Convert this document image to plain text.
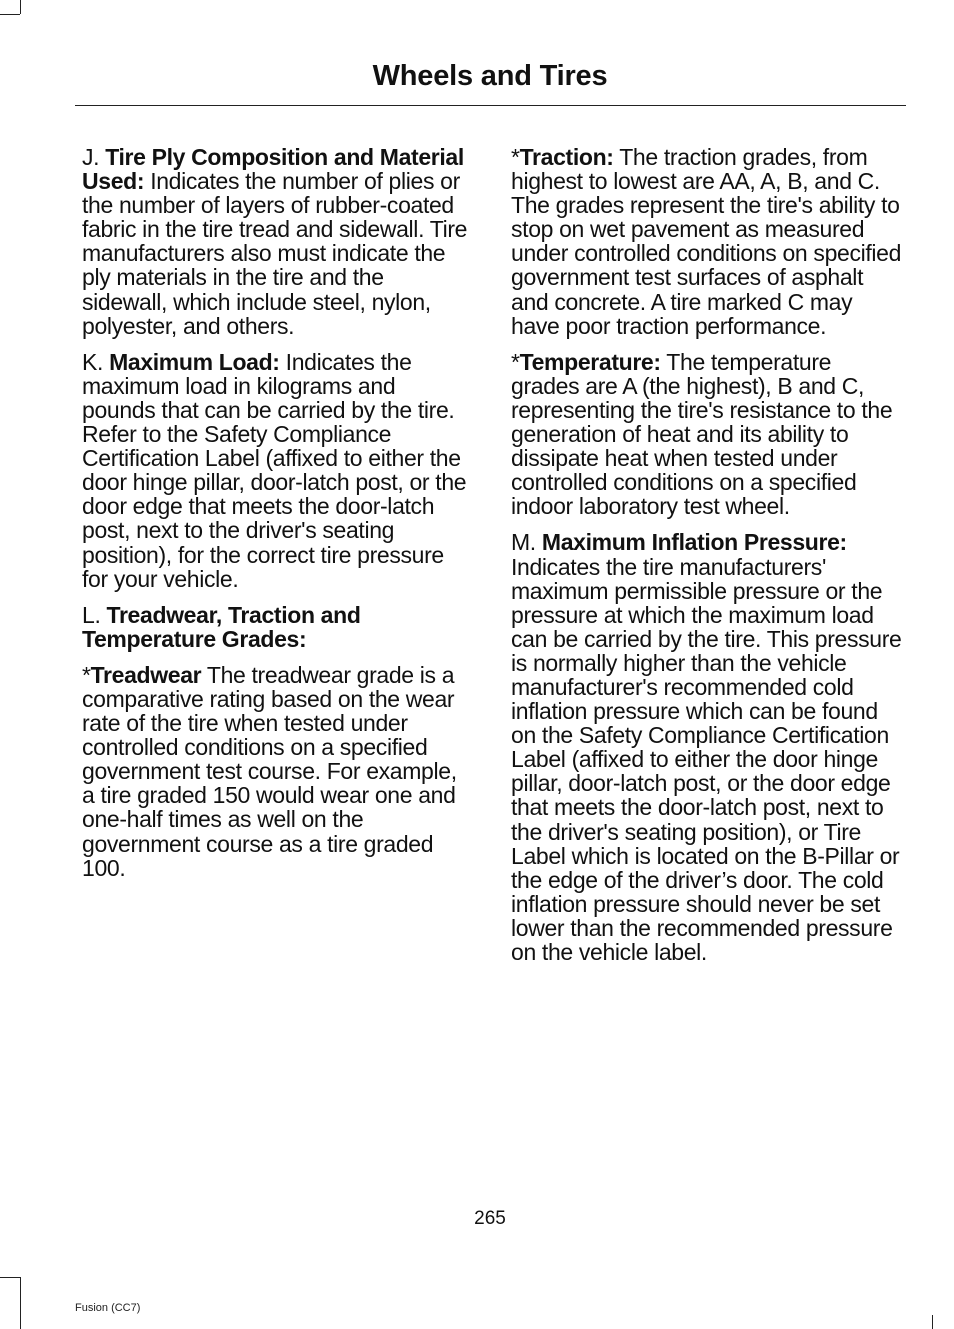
Wheels and Tires

J. Tire Ply Composition and Material Used: Indicates the number of plies or the number of layers of rubber-coated fabric in the tire tread and sidewall. Tire manufacturers also must indicate the ply materials in the tire and the sidewall, which include steel, nylon, polyester, and others.

K. Maximum Load: Indicates the maximum load in kilograms and pounds that can be carried by the tire. Refer to the Safety Compliance Certification Label (affixed to either the door hinge pillar, door-latch post, or the door edge that meets the door-latch post, next to the driver's seating position), for the correct tire pressure for your vehicle.

L. Treadwear, Traction and Temperature Grades:

*Treadwear The treadwear grade is a comparative rating based on the wear rate of the tire when tested under controlled conditions on a specified government test course. For example, a tire graded 150 would wear one and one-half times as well on the government course as a tire graded 100.

*Traction: The traction grades, from highest to lowest are AA, A, B, and C. The grades represent the tire's ability to stop on wet pavement as measured under controlled conditions on specified government test surfaces of asphalt and concrete. A tire marked C may have poor traction performance.

*Temperature: The temperature grades are A (the highest), B and C, representing the tire's resistance to the generation of heat and its ability to dissipate heat when tested under controlled conditions on a specified indoor laboratory test wheel.

M. Maximum Inflation Pressure: Indicates the tire manufacturers' maximum permissible pressure or the pressure at which the maximum load can be carried by the tire. This pressure is normally higher than the vehicle manufacturer's recommended cold inflation pressure which can be found on the Safety Compliance Certification Label (affixed to either the door hinge pillar, door-latch post, or the door edge that meets the door-latch post, next to the driver's seating position), or Tire Label which is located on the B-Pillar or the edge of the driver’s door. The cold inflation pressure should never be set lower than the recommended pressure on the vehicle label.

265
Fusion (CC7)
